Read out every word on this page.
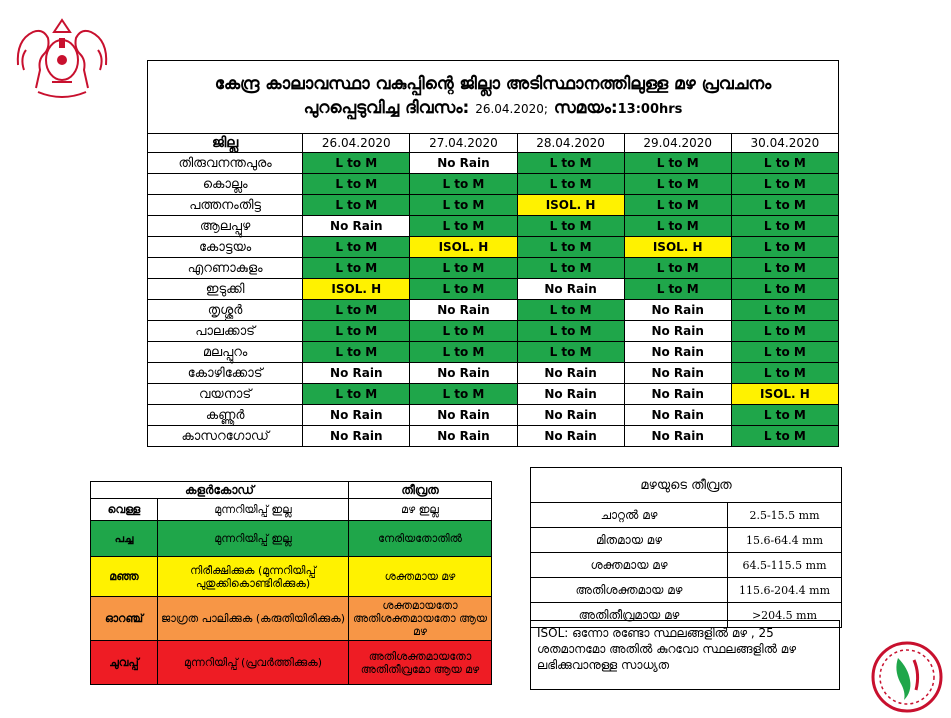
കേന്ദ്ര കാലാവസ്ഥാ വകുപ്പിന്റെ ജില്ലാ അടിസ്ഥാനത്തിലുള്ള മഴ പ്രവചനം
പുറപ്പെടുവിച്ച ദിവസം: 26.04.2020; സമയം:13:00hrs
ജില്ല	26.04.2020	27.04.2020	28.04.2020	29.04.2020	30.04.2020
തിരുവനന്തപുരം	L to M	No Rain	L to M	L to M	L to M
കൊല്ലം	L to M	L to M	L to M	L to M	L to M
പത്തനംതിട്ട	L to M	L to M	ISOL. H	L to M	L to M
ആലപ്പുഴ	No Rain	L to M	L to M	L to M	L to M
കോട്ടയം	L to M	ISOL. H	L to M	ISOL. H	L to M
എറണാകുളം	L to M	L to M	L to M	L to M	L to M
ഇടുക്കി	ISOL. H	L to M	No Rain	L to M	L to M
തൃശ്ശൂർ	L to M	No Rain	L to M	No Rain	L to M
പാലക്കാട്	L to M	L to M	L to M	No Rain	L to M
മലപ്പുറം	L to M	L to M	L to M	No Rain	L to M
കോഴിക്കോട്	No Rain	No Rain	No Rain	No Rain	L to M
വയനാട്	L to M	L to M	No Rain	No Rain	ISOL. H
കണ്ണൂർ	No Rain	No Rain	No Rain	No Rain	L to M
കാസറഗോഡ്	No Rain	No Rain	No Rain	No Rain	L to M
കളർകോഡ്		തീവ്രത
വെള്ള	മുന്നറിയിപ്പ് ഇല്ല	മഴ ഇല്ല
പച്ച	മുന്നറിയിപ്പ് ഇല്ല	നേരിയതോതിൽ
മഞ്ഞ	നിരീക്ഷിക്കുക (മുന്നറിയിപ്പ് പുതുക്കികൊണ്ടിരിക്കുക)	ശക്തമായ മഴ
ഓറഞ്ച്	ജാഗ്രത പാലിക്കുക (കരുതിയിരിക്കുക)	ശക്തമായതോ അതിശക്തമായതോ ആയ മഴ
ചുവപ്പ്	മുന്നറിയിപ്പ് (പ്രവർത്തിക്കുക)	അതിശക്തമായതോ അതിതീവ്രമോ ആയ മഴ
മഴയുടെ തീവ്രത	
ചാറ്റൽ മഴ	2.5-15.5 mm
മിതമായ മഴ	15.6-64.4 mm
ശക്തമായ മഴ	64.5-115.5 mm
അതിശക്തമായ മഴ	115.6-204.4 mm
അതിതീവ്രമായ മഴ	>204.5 mm
ISOL: ഒന്നോ രണ്ടോ സ്ഥലങ്ങളിൽ മഴ , 25 ശതമാനമോ അതിൽ കുറവോ സ്ഥലങ്ങളിൽ മഴ ലഭിക്കുവാനുള്ള സാധ്യത
